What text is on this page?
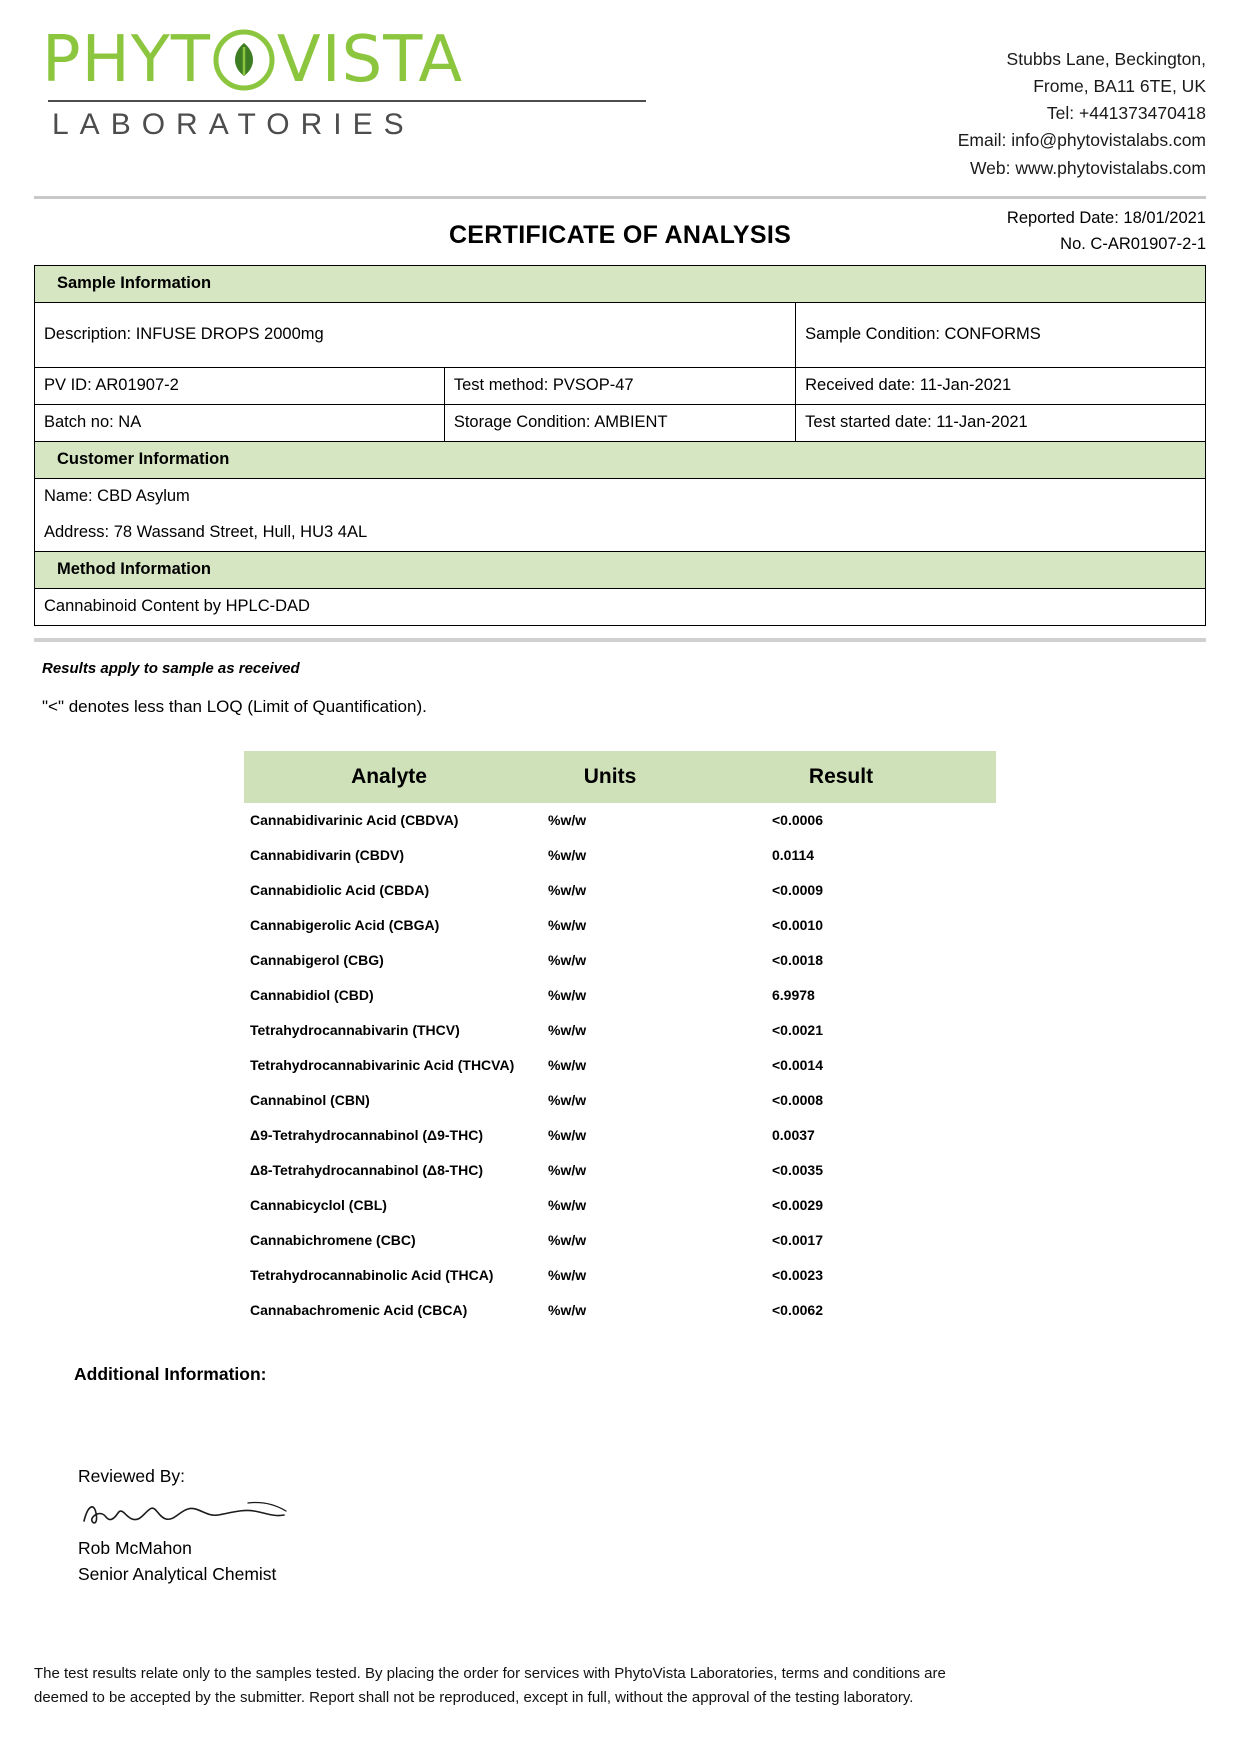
PHYT VISTA
LABORATORIES
Stubbs Lane, Beckington,
Frome, BA11 6TE, UK
Tel: +441373470418
Email: info@phytovistalabs.com
Web: www.phytovistalabs.com
Reported Date: 18/01/2021
No. C-AR01907-2-1
CERTIFICATE OF ANALYSIS
Sample Information		
Description: INFUSE DROPS 2000mg		Sample Condition: CONFORMS
PV ID: AR01907-2	Test method: PVSOP-47	Received date: 11-Jan-2021
Batch no: NA	Storage Condition: AMBIENT	Test started date: 11-Jan-2021
Customer Information		
Name: CBD Asylum		
Address: 78 Wassand Street, Hull, HU3 4AL		
Method Information		
Cannabinoid Content by HPLC-DAD		
Results apply to sample as received
"<" denotes less than LOQ (Limit of Quantification).
Analyte	Units	Result
Cannabidivarinic Acid (CBDVA)	%w/w	<0.0006
Cannabidivarin (CBDV)	%w/w	0.0114
Cannabidiolic Acid (CBDA)	%w/w	<0.0009
Cannabigerolic Acid (CBGA)	%w/w	<0.0010
Cannabigerol (CBG)	%w/w	<0.0018
Cannabidiol (CBD)	%w/w	6.9978
Tetrahydrocannabivarin (THCV)	%w/w	<0.0021
Tetrahydrocannabivarinic Acid (THCVA)	%w/w	<0.0014
Cannabinol (CBN)	%w/w	<0.0008
Δ9-Tetrahydrocannabinol (Δ9-THC)	%w/w	0.0037
Δ8-Tetrahydrocannabinol (Δ8-THC)	%w/w	<0.0035
Cannabicyclol (CBL)	%w/w	<0.0029
Cannabichromene (CBC)	%w/w	<0.0017
Tetrahydrocannabinolic Acid (THCA)	%w/w	<0.0023
Cannabachromenic Acid (CBCA)	%w/w	<0.0062
Additional Information:
Reviewed By:
Rob McMahon
Senior Analytical Chemist
The test results relate only to the samples tested. By placing the order for services with PhytoVista Laboratories, terms and conditions are
deemed to be accepted by the submitter. Report shall not be reproduced, except in full, without the approval of the testing laboratory.
